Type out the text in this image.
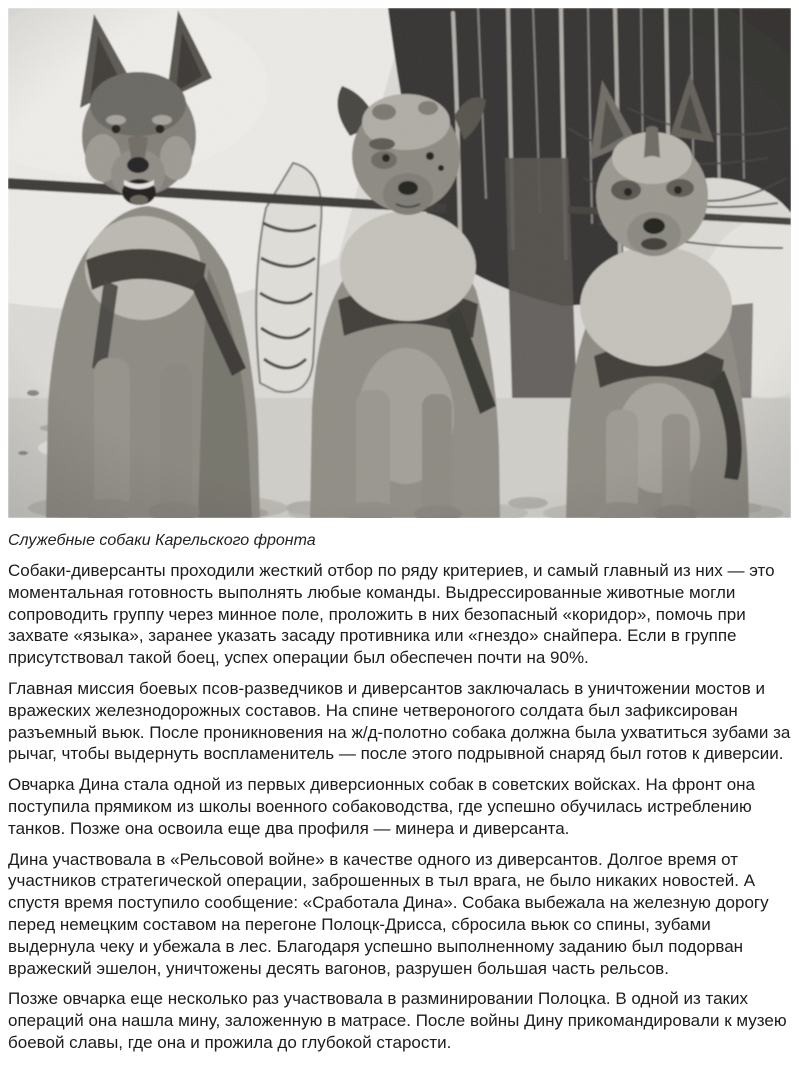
Служебные собаки Карельского фронта

Собаки-диверсанты проходили жесткий отбор по ряду критериев, и самый главный из них — это моментальная готовность выполнять любые команды. Выдрессированные животные могли сопроводить группу через минное поле, проложить в них безопасный «коридор», помочь при захвате «языка», заранее указать засаду противника или «гнездо» снайпера. Если в группе присутствовал такой боец, успех операции был обеспечен почти на 90%.

Главная миссия боевых псов-разведчиков и диверсантов заключалась в уничтожении мостов и вражеских железнодорожных составов. На спине четвероногого солдата был зафиксирован разъемный вьюк. После проникновения на ж/д-полотно собака должна была ухватиться зубами за рычаг, чтобы выдернуть воспламенитель — после этого подрывной снаряд был готов к диверсии.

Овчарка Дина стала одной из первых диверсионных собак в советских войсках. На фронт она поступила прямиком из школы военного собаководства, где успешно обучилась истреблению танков. Позже она освоила еще два профиля — минера и диверсанта.

Дина участвовала в «Рельсовой войне» в качестве одного из диверсантов. Долгое время от участников стратегической операции, заброшенных в тыл врага, не было никаких новостей. А спустя время поступило сообщение: «Сработала Дина». Собака выбежала на железную дорогу перед немецким составом на перегоне Полоцк-Дрисса, сбросила вьюк со спины, зубами выдернула чеку и убежала в лес. Благодаря успешно выполненному заданию был подорван вражеский эшелон, уничтожены десять вагонов, разрушен большая часть рельсов.

Позже овчарка еще несколько раз участвовала в разминировании Полоцка. В одной из таких операций она нашла мину, заложенную в матрасе. После войны Дину прикомандировали к музею боевой славы, где она и прожила до глубокой старости.
